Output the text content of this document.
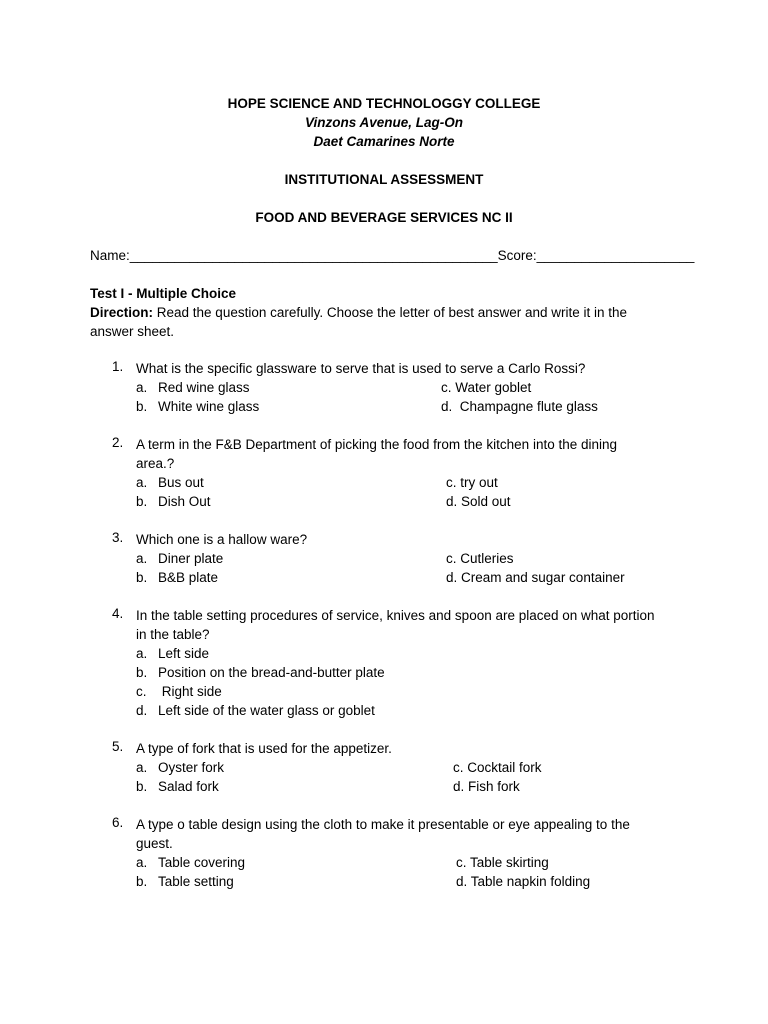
HOPE SCIENCE AND TECHNOLOGGY COLLEGE
Vinzons Avenue, Lag-On
Daet Camarines Norte
INSTITUTIONAL ASSESSMENT
FOOD AND BEVERAGE SERVICES NC II
Name:_________________________________________________Score:_____________________
Test I - Multiple Choice
Direction: Read the question carefully. Choose the letter of best answer and write it in the
answer sheet.
1. What is the specific glassware to serve that is used to serve a Carlo Rossi?
a. Red wine glass
b. White wine glass
c. Water goblet
d.  Champagne flute glass
2. A term in the F&B Department of picking the food from the kitchen into the dining
area.?
a. Bus out
b. Dish Out
c. try out
d. Sold out
3. Which one is a hallow ware?
a. Diner plate
b. B&B plate
c. Cutleries
d. Cream and sugar container
4. In the table setting procedures of service, knives and spoon are placed on what portion
in the table?
a. Left side
b. Position on the bread-and-butter plate
c. Right side
d. Left side of the water glass or goblet
5. A type of fork that is used for the appetizer.
a. Oyster fork
b. Salad fork
c. Cocktail fork
d. Fish fork
6. A type o table design using the cloth to make it presentable or eye appealing to the
guest.
a. Table covering
b. Table setting
c. Table skirting
d. Table napkin folding
